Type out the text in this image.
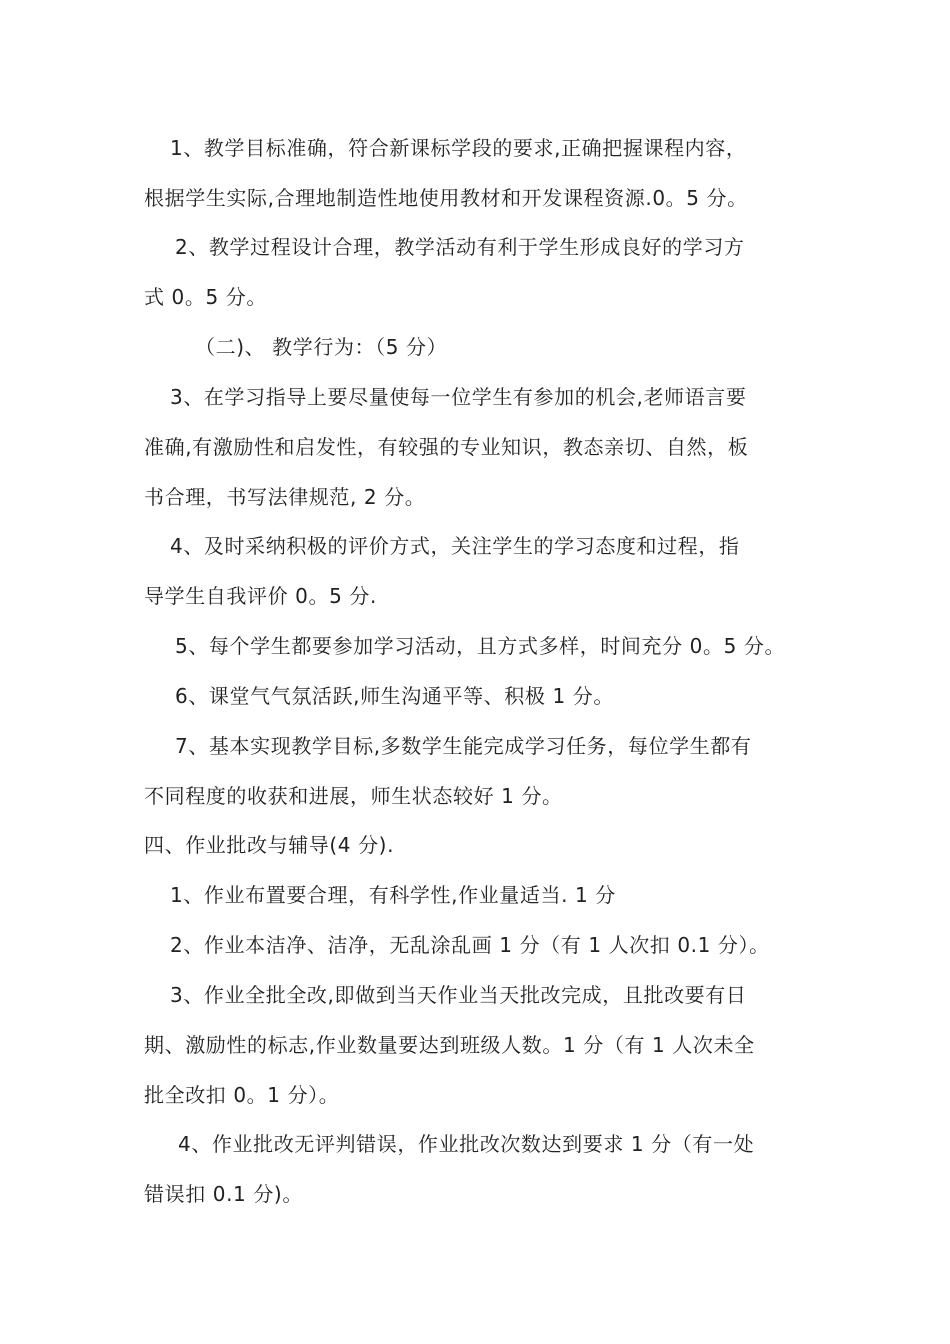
1、教学目标准确，符合新课标学段的要求,正确把握课程内容，
根据学生实际,合理地制造性地使用教材和开发课程资源.0。5 分。
2、教学过程设计合理，教学活动有利于学生形成良好的学习方
式 0。5 分。
（二)、 教学行为：（5 分）
3、在学习指导上要尽量使每一位学生有参加的机会,老师语言要
准确,有激励性和启发性，有较强的专业知识，教态亲切、自然，板
书合理，书写法律规范, 2 分。
4、及时采纳积极的评价方式，关注学生的学习态度和过程，指
导学生自我评价 0。5 分.
5、每个学生都要参加学习活动，且方式多样，时间充分 0。5 分。
6、课堂气气氛活跃,师生沟通平等、积极 1 分。
7、基本实现教学目标,多数学生能完成学习任务，每位学生都有
不同程度的收获和进展，师生状态较好 1 分。
四、作业批改与辅导(4 分).
1、作业布置要合理，有科学性,作业量适当. 1 分
2、作业本洁净、洁净，无乱涂乱画 1 分（有 1 人次扣 0.1 分）。
3、作业全批全改,即做到当天作业当天批改完成，且批改要有日
期、激励性的标志,作业数量要达到班级人数。1 分（有 1 人次未全
批全改扣 0。1 分）。
4、作业批改无评判错误，作业批改次数达到要求 1 分（有一处
错误扣 0.1 分)。
